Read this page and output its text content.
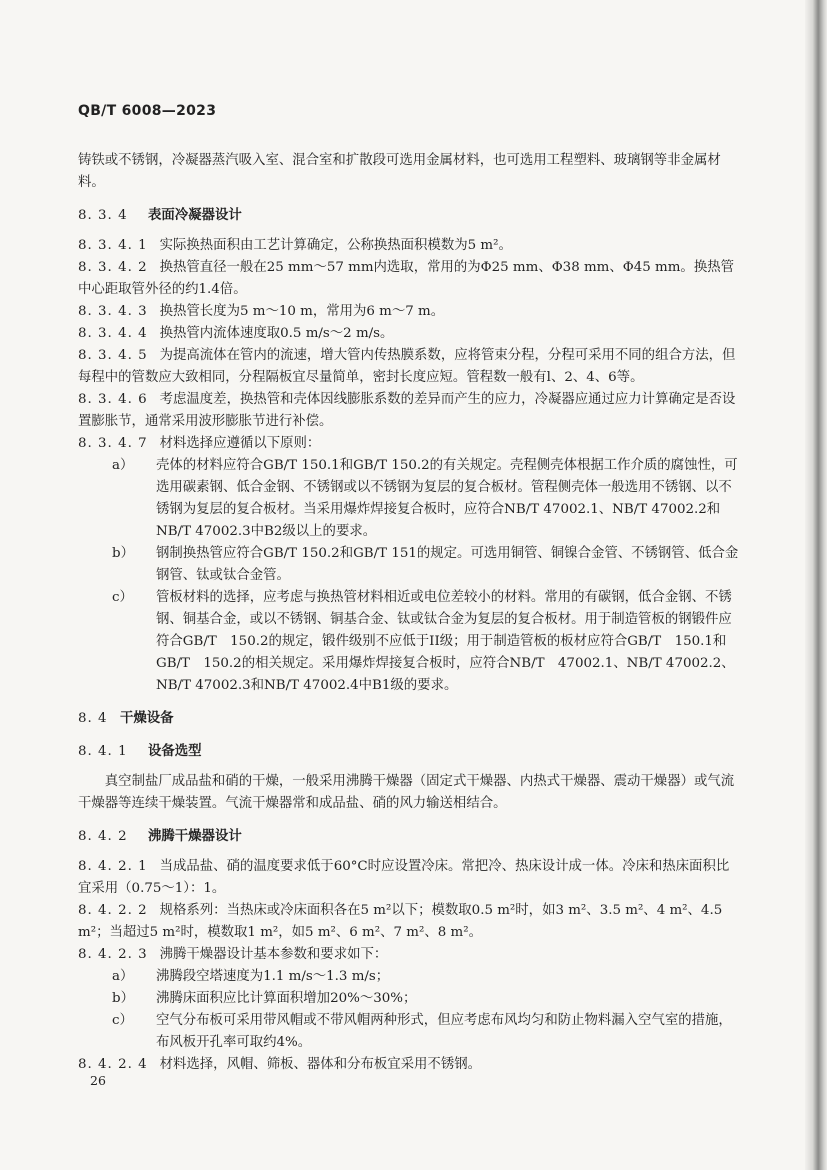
QB/T 6008—2023

铸铁或不锈钢，冷凝器蒸汽吸入室、混合室和扩散段可选用金属材料，也可选用工程塑料、玻璃钢等非金属材料。

8. 3. 4 表面冷凝器设计

8. 3. 4. 1 实际换热面积由工艺计算确定，公称换热面积模数为5 m²。

8. 3. 4. 2 换热管直径一般在25 mm～57 mm内选取，常用的为Φ25 mm、Φ38 mm、Φ45 mm。换热管中心距取管外径的约1.4倍。

8. 3. 4. 3 换热管长度为5 m～10 m，常用为6 m～7 m。

8. 3. 4. 4 换热管内流体速度取0.5 m/s～2 m/s。

8. 3. 4. 5 为提高流体在管内的流速，增大管内传热膜系数，应将管束分程，分程可采用不同的组合方法，但每程中的管数应大致相同，分程隔板宜尽量简单，密封长度应短。管程数一般有l、2、4、6等。

8. 3. 4. 6 考虑温度差，换热管和壳体因线膨胀系数的差异而产生的应力，冷凝器应通过应力计算确定是否设置膨胀节，通常采用波形膨胀节进行补偿。

8. 3. 4. 7 材料选择应遵循以下原则：

a）	壳体的材料应符合GB/T 150.1和GB/T 150.2的有关规定。壳程侧壳体根据工作介质的腐蚀性，可选用碳素钢、低合金钢、不锈钢或以不锈钢为复层的复合板材。管程侧壳体一般选用不锈钢、以不锈钢为复层的复合板材。当采用爆炸焊接复合板时，应符合NB/T 47002.1、NB/T 47002.2和NB/T 47002.3中B2级以上的要求。
b）	钢制换热管应符合GB/T 150.2和GB/T 151的规定。可选用铜管、铜镍合金管、不锈钢管、低合金钢管、钛或钛合金管。
c）	管板材料的选择，应考虑与换热管材料相近或电位差较小的材料。常用的有碳钢，低合金钢、不锈钢、铜基合金，或以不锈钢、铜基合金、钛或钛合金为复层的复合板材。用于制造管板的钢锻件应符合GB/T　150.2的规定，锻件级别不应低于II级；用于制造管板的板材应符合GB/T　150.1和GB/T　150.2的相关规定。采用爆炸焊接复合板时，应符合NB/T　47002.1、NB/T 47002.2、NB/T 47002.3和NB/T 47002.4中B1级的要求。
8. 4 干燥设备
8. 4. 1 设备选型

真空制盐厂成品盐和硝的干燥，一般采用沸腾干燥器（固定式干燥器、内热式干燥器、震动干燥器）或气流干燥器等连续干燥装置。气流干燥器常和成品盐、硝的风力输送相结合。

8. 4. 2 沸腾干燥器设计

8. 4. 2. 1 当成品盐、硝的温度要求低于60°C时应设置冷床。常把冷、热床设计成一体。冷床和热床面积比宜采用（0.75～1）：1。

8. 4. 2. 2 规格系列：当热床或冷床面积各在5 m²以下；模数取0.5 m²时，如3 m²、3.5 m²、4 m²、4.5 m²；当超过5 m²时，模数取1 m²，如5 m²、6 m²、7 m²、8 m²。

8. 4. 2. 3 沸腾干燥器设计基本参数和要求如下：

a）	沸腾段空塔速度为1.1 m/s～1.3 m/s；
b）	沸腾床面积应比计算面积增加20%～30%；
c）	空气分布板可采用带风帽或不带风帽两种形式，但应考虑布风均匀和防止物料漏入空气室的措施，布风板开孔率可取约4%。

8. 4. 2. 4 材料选择，风帽、筛板、器体和分布板宜采用不锈钢。

26
